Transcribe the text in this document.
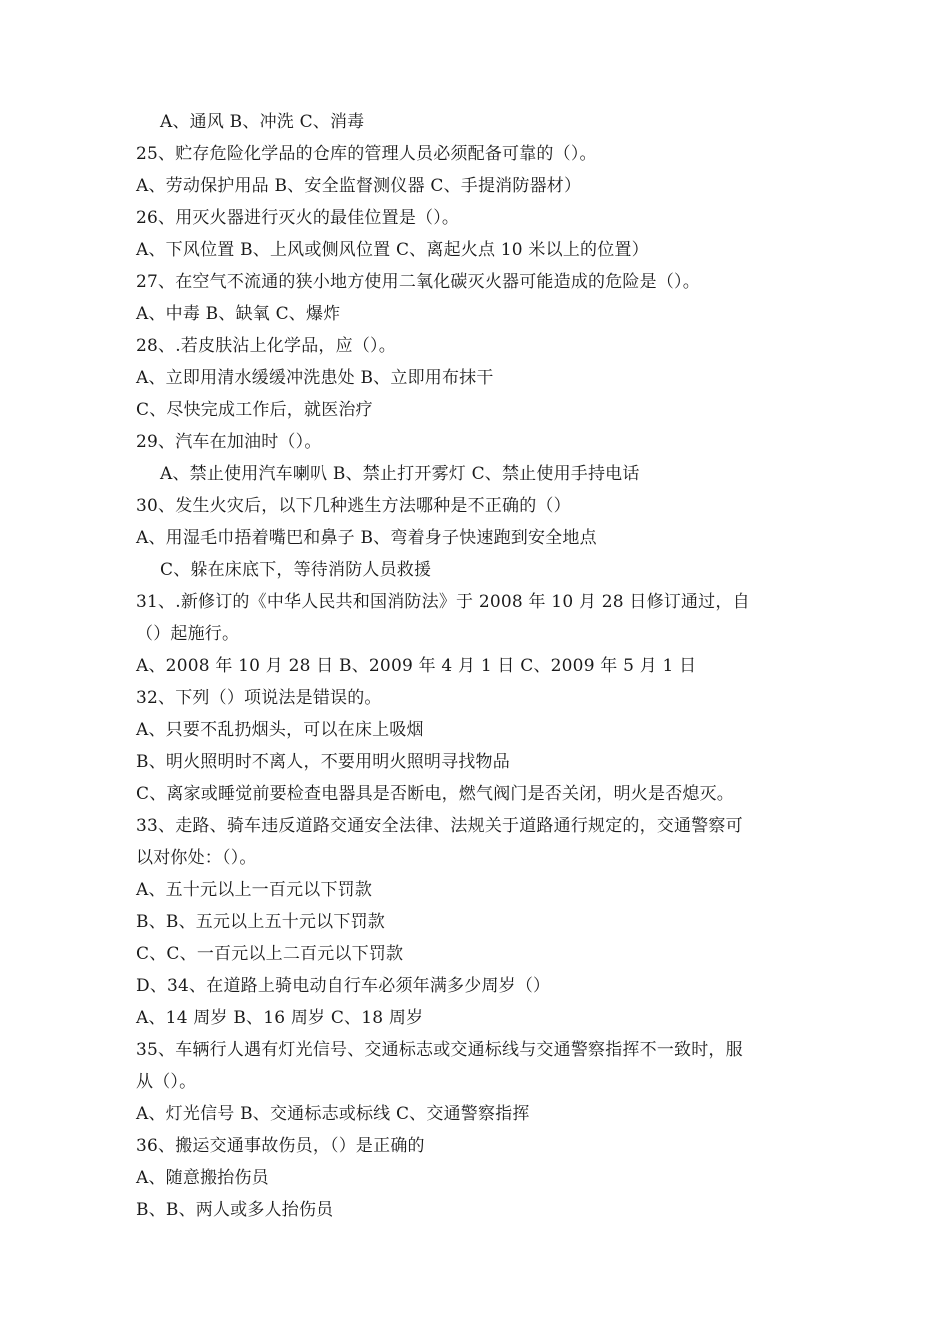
A、通风 B、冲洗 C、消毒
25、贮存危险化学品的仓库的管理人员必须配备可靠的（）。
A、劳动保护用品 B、安全监督测仪器 C、手提消防器材）
26、用灭火器进行灭火的最佳位置是（）。
A、下风位置 B、上风或侧风位置 C、离起火点 10 米以上的位置）
27、在空气不流通的狭小地方使用二氧化碳灭火器可能造成的危险是（）。
A、中毒 B、缺氧 C、爆炸
28、.若皮肤沾上化学品，应（）。
A、立即用清水缓缓冲洗患处 B、立即用布抹干
C、尽快完成工作后，就医治疗
29、汽车在加油时（）。
A、禁止使用汽车喇叭 B、禁止打开雾灯 C、禁止使用手持电话
30、发生火灾后，以下几种逃生方法哪种是不正确的（）
A、用湿毛巾捂着嘴巴和鼻子 B、弯着身子快速跑到安全地点
C、躲在床底下，等待消防人员救援
31、.新修订的《中华人民共和国消防法》于 2008 年 10 月 28 日修订通过，自
（）起施行。
A、2008 年 10 月 28 日 B、2009 年 4 月 1 日 C、2009 年 5 月 1 日
32、下列（）项说法是错误的。
A、只要不乱扔烟头，可以在床上吸烟
B、明火照明时不离人，不要用明火照明寻找物品
C、离家或睡觉前要检查电器具是否断电，燃气阀门是否关闭，明火是否熄灭。
33、走路、骑车违反道路交通安全法律、法规关于道路通行规定的，交通警察可
以对你处：（）。
A、五十元以上一百元以下罚款
B、B、五元以上五十元以下罚款
C、C、一百元以上二百元以下罚款
D、34、在道路上骑电动自行车必须年满多少周岁（）
A、14 周岁 B、16 周岁 C、18 周岁
35、车辆行人遇有灯光信号、交通标志或交通标线与交通警察指挥不一致时，服
从（）。
A、灯光信号 B、交通标志或标线 C、交通警察指挥
36、搬运交通事故伤员，（）是正确的
A、随意搬抬伤员
B、B、两人或多人抬伤员
